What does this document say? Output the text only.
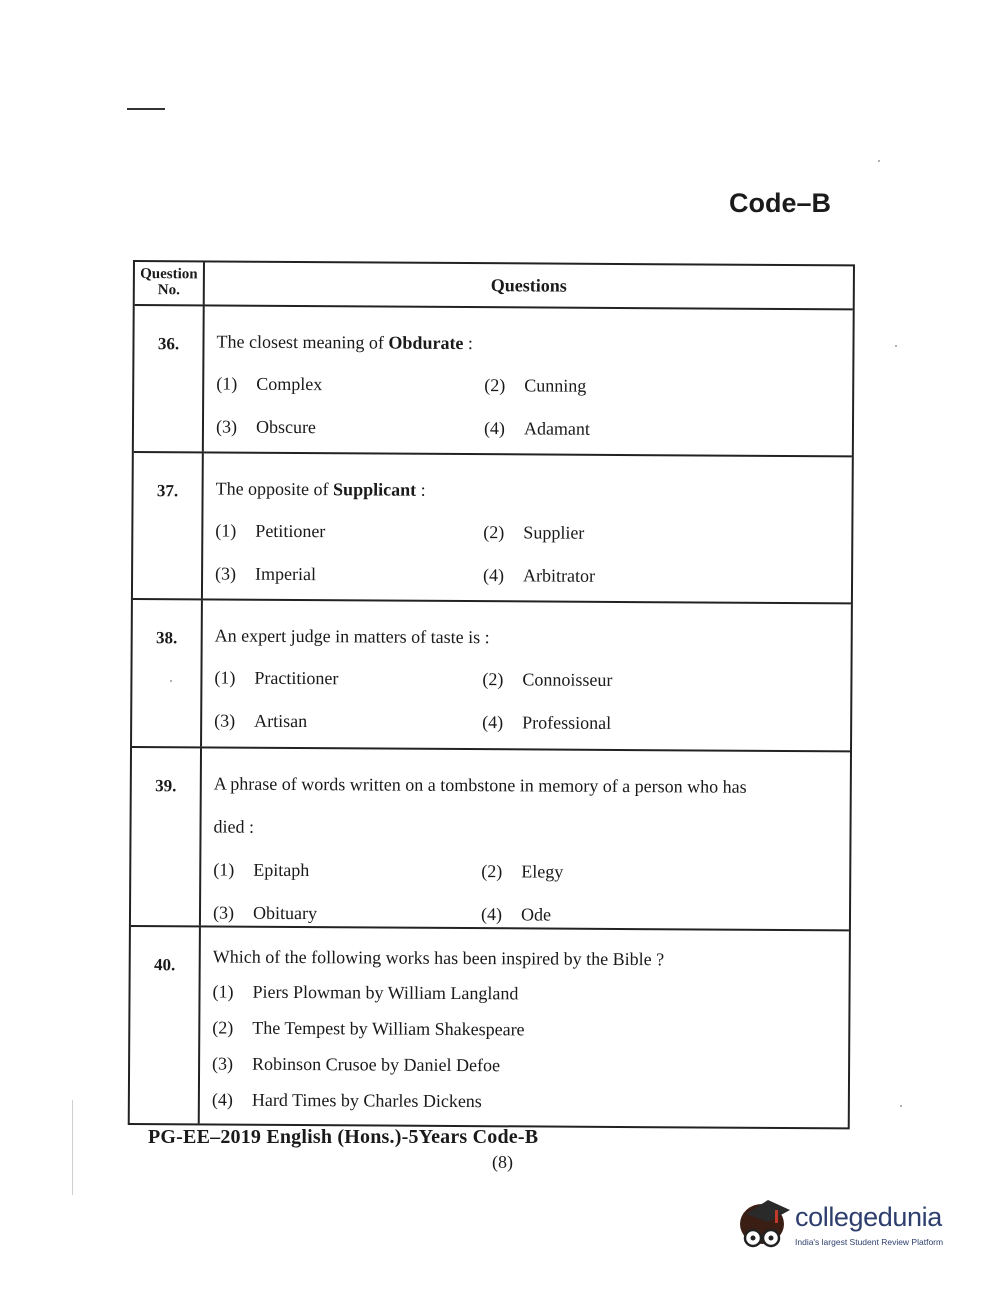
Code–B
Question No.	Questions
36.	The closest meaning of Obdurate :
(1) Complex	(2) Cunning
(3) Obscure	(4) Adamant
37.	The opposite of Supplicant :
(1) Petitioner	(2) Supplier
(3) Imperial	(4) Arbitrator
38.	An expert judge in matters of taste is :
(1) Practitioner	(2) Connoisseur
(3) Artisan	(4) Professional
39.	A phrase of words written on a tombstone in memory of a person who has
died :
(1) Epitaph	(2) Elegy
(3) Obituary	(4) Ode
40.	Which of the following works has been inspired by the Bible ?
(1) Piers Plowman by William Langland
(2) The Tempest by William Shakespeare
(3) Robinson Crusoe by Daniel Defoe
(4) Hard Times by Charles Dickens
PG-EE–2019 English (Hons.)-5Years Code-B
(8)
collegedunia
India's largest Student Review Platform
